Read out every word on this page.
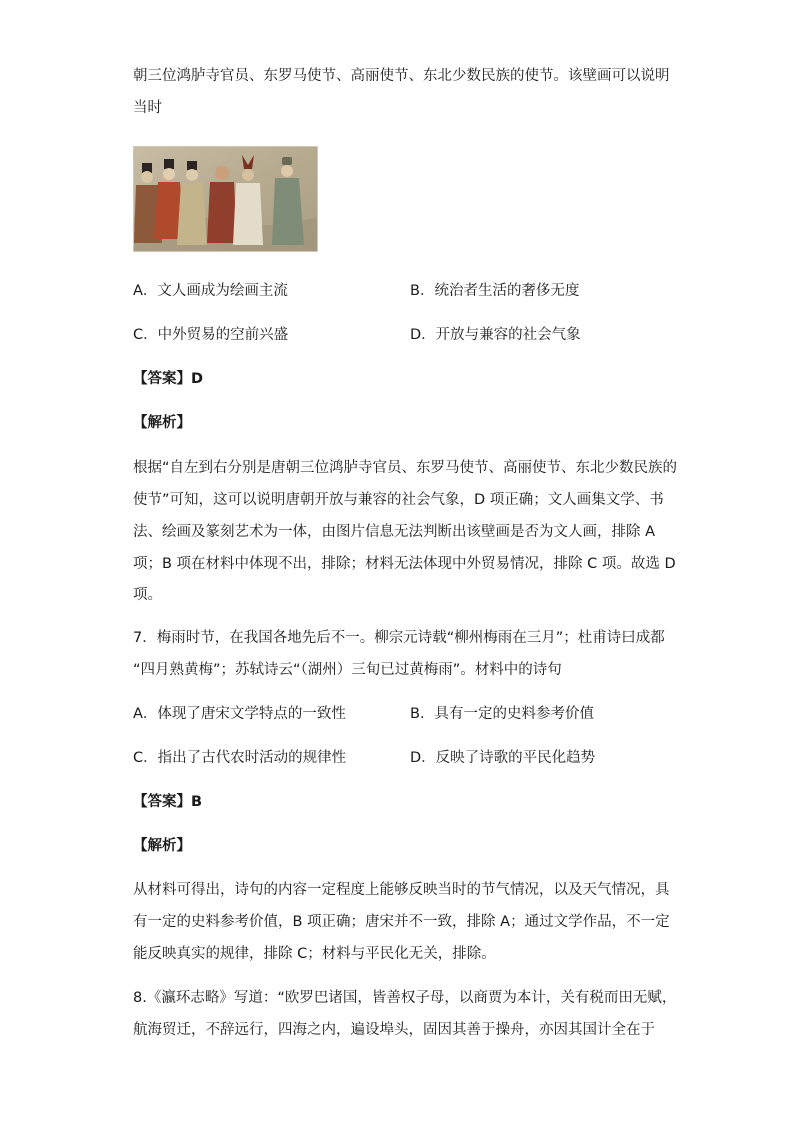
朝三位鸿胪寺官员、东罗马使节、高丽使节、东北少数民族的使节。该壁画可以说明
当时
A．文人画成为绘画主流	B．统治者生活的奢侈无度
C．中外贸易的空前兴盛	D．开放与兼容的社会气象
【答案】D
【解析】
根据“自左到右分别是唐朝三位鸿胪寺官员、东罗马使节、高丽使节、东北少数民族的
使节”可知，这可以说明唐朝开放与兼容的社会气象，D 项正确；文人画集文学、书
法、绘画及篆刻艺术为一体，由图片信息无法判断出该壁画是否为文人画，排除 A
项；B 项在材料中体现不出，排除；材料无法体现中外贸易情况，排除 C 项。故选 D
项。
7．梅雨时节，在我国各地先后不一。柳宗元诗载“柳州梅雨在三月”；杜甫诗曰成都
“四月熟黄梅”；苏轼诗云“（湖州）三旬已过黄梅雨”。材料中的诗句
A．体现了唐宋文学特点的一致性	B．具有一定的史料参考价值
C．指出了古代农时活动的规律性	D．反映了诗歌的平民化趋势
【答案】B
【解析】
从材料可得出，诗句的内容一定程度上能够反映当时的节气情况，以及天气情况，具
有一定的史料参考价值，B 项正确；唐宋并不一致，排除 A；通过文学作品，不一定
能反映真实的规律，排除 C；材料与平民化无关，排除。
8.《瀛环志略》写道：“欧罗巴诸国，皆善权子母，以商贾为本计，关有税而田无赋，
航海贸迁，不辞远行，四海之内，遍设埠头，固因其善于操舟，亦因其国计全在于
